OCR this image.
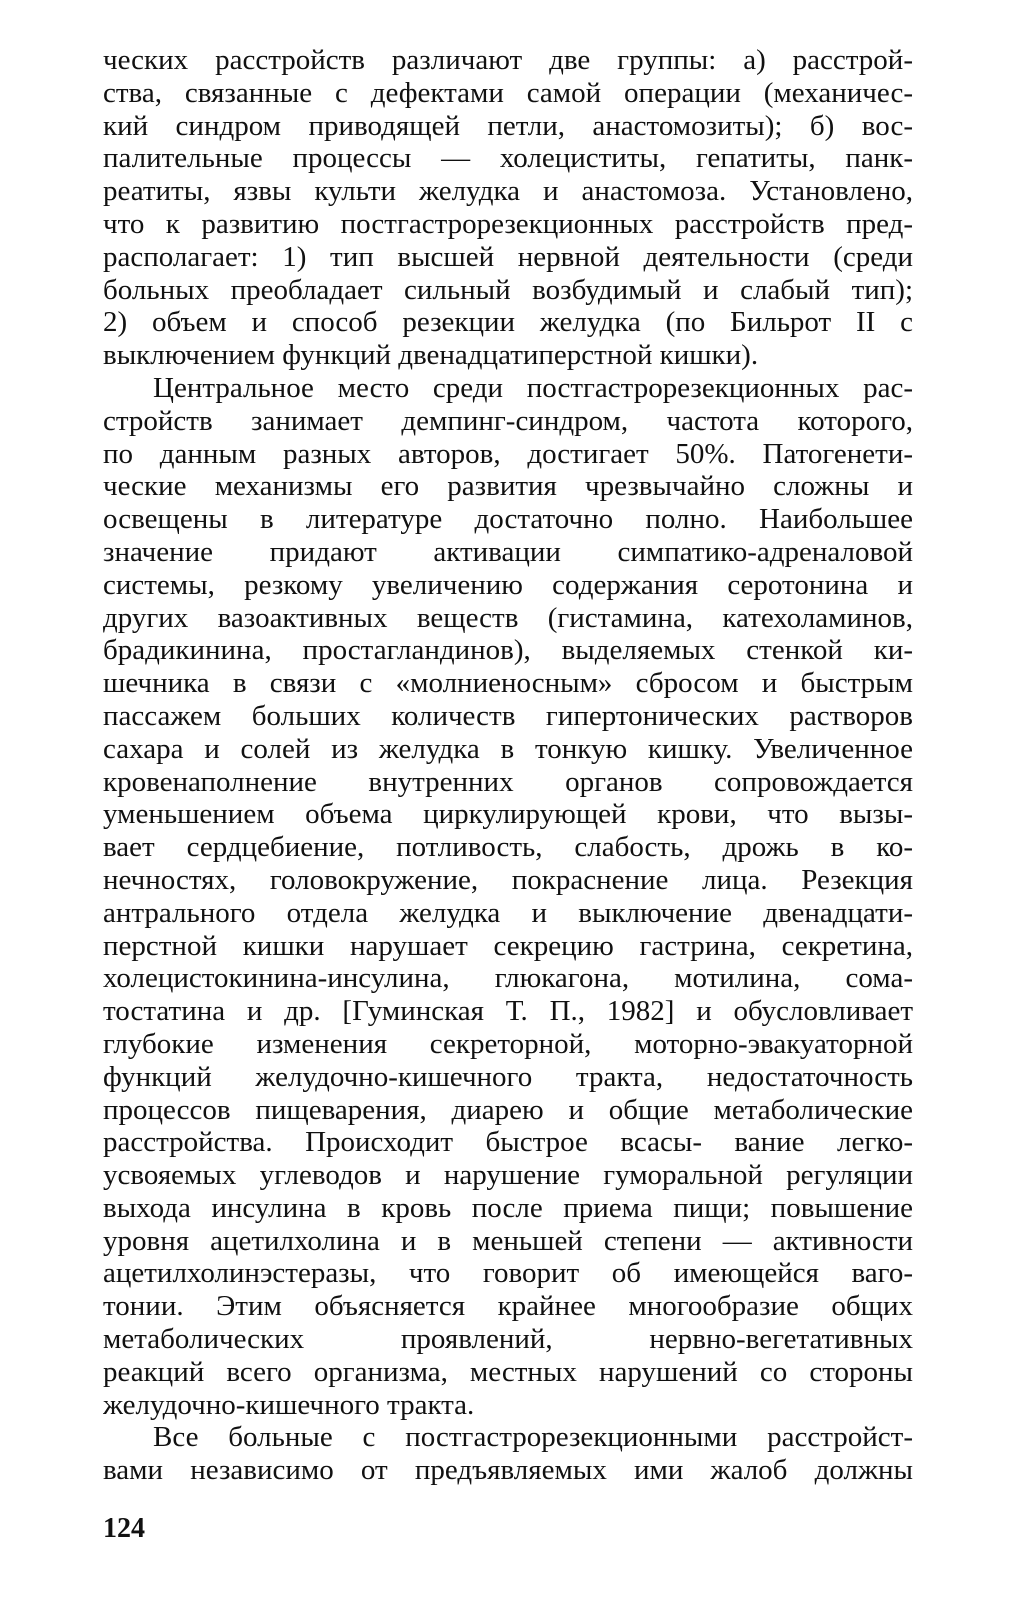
ческих расстройств различают две группы: а) расстрой-
ства, связанные с дефектами самой операции (механичес-
кий синдром приводящей петли, анастомозиты); б) вос-
палительные процессы — холециститы, гепатиты, панк-
реатиты, язвы культи желудка и анастомоза. Установлено,
что к развитию постгастрорезекционных расстройств пред-
располагает: 1) тип высшей нервной деятельности (среди
больных преобладает сильный возбудимый и слабый тип);
2) объем и способ резекции желудка (по Бильрот II с
выключением функций двенадцатиперстной кишки).
Центральное место среди постгастрорезекционных рас-
стройств занимает демпинг-синдром, частота которого,
по данным разных авторов, достигает 50%. Патогенети-
ческие механизмы его развития чрезвычайно сложны и
освещены в литературе достаточно полно. Наибольшее
значение придают активации симпатико-адреналовой
системы, резкому увеличению содержания серотонина и
других вазоактивных веществ (гистамина, катехоламинов,
брадикинина, простагландинов), выделяемых стенкой ки-
шечника в связи с «молниеносным» сбросом и быстрым
пассажем больших количеств гипертонических растворов
сахара и солей из желудка в тонкую кишку. Увеличенное
кровенаполнение внутренних органов сопровождается
уменьшением объема циркулирующей крови, что вызы-
вает сердцебиение, потливость, слабость, дрожь в ко-
нечностях, головокружение, покраснение лица. Резекция
антрального отдела желудка и выключение двенадцати-
перстной кишки нарушает секрецию гастрина, секретина,
холецистокинина-инсулина, глюкагона, мотилина, сома-
тостатина и др. [Гуминская Т. П., 1982] и обусловливает
глубокие изменения секреторной, моторно-эвакуаторной
функций желудочно-кишечного тракта, недостаточность
процессов пищеварения, диарею и общие метаболические
расстройства. Происходит быстрое всасы- вание легко-
усвояемых углеводов и нарушение гуморальной регуляции
выхода инсулина в кровь после приема пищи; повышение
уровня ацетилхолина и в меньшей степени — активности
ацетилхолинэстеразы, что говорит об имеющейся ваго-
тонии. Этим объясняется крайнее многообразие общих
метаболических проявлений, нервно-вегетативных
реакций всего организма, местных нарушений со стороны
желудочно-кишечного тракта.
Все больные с постгастрорезекционными расстройст-
вами независимо от предъявляемых ими жалоб должны
124
